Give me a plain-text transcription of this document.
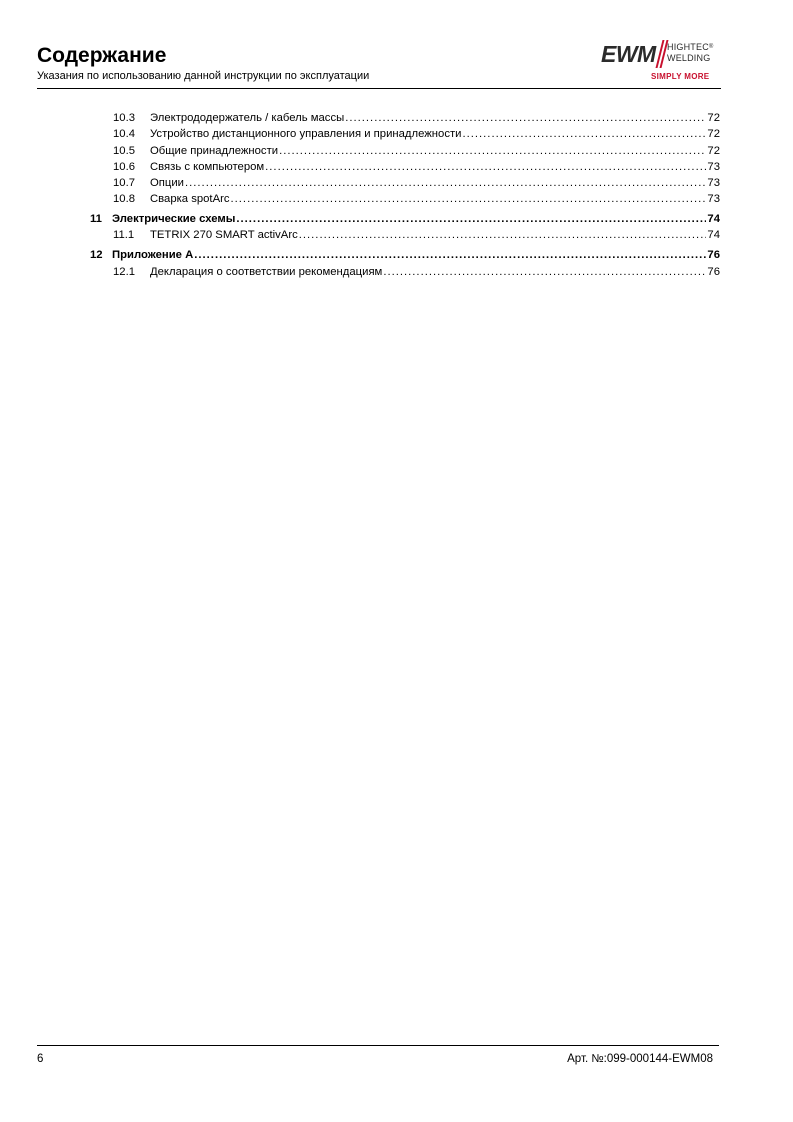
Содержание
Указания по использованию данной инструкции по эксплуатации
EWM HIGHTEC®
WELDING
SIMPLY MORE
10.3	Электрододержатель / кабель массы .....	72
10.4	Устройство дистанционного управления и принадлежности .....	72
10.5	Общие принадлежности .....	72
10.6	Связь с компьютером .....	73
10.7	Опции .....	73
10.8	Сварка spotArc .....	73
11 Электрические схемы .....	74
11.1	TETRIX 270 SMART activArc .....	74
12 Приложение A .....	76
12.1	Декларация о соответствии рекомендациям .....	76
6	Арт. №:099-000144-EWM08
